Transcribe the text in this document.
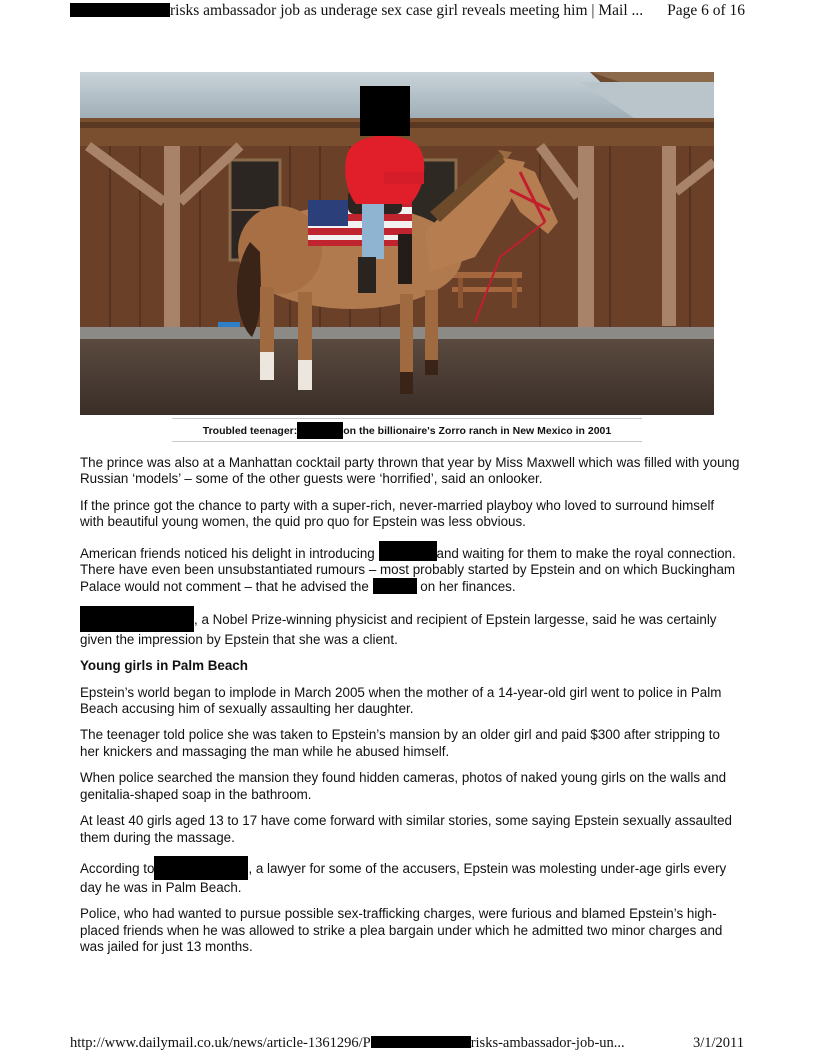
risks ambassador job as underage sex case girl reveals meeting him | Mail ... Page 6 of 16
Troubled teenager:	on the billionaire's Zorro ranch in New Mexico in 2001

The prince was also at a Manhattan cocktail party thrown that year by Miss Maxwell which was filled with young Russian ‘models’ – some of the other guests were ‘horrified’, said an onlooker.

If the prince got the chance to party with a super-rich, never-married playboy who loved to surround himself with beautiful young women, the quid pro quo for Epstein was less obvious.

American friends noticed his delight in introducing	and waiting for them to make the royal connection. There have even been unsubstantiated rumours – most probably started by Epstein and on which Buckingham Palace would not comment – that he advised the	on her finances.

, a Nobel Prize-winning physicist and recipient of Epstein largesse, said he was certainly given the impression by Epstein that she was a client.

Young girls in Palm Beach

Epstein’s world began to implode in March 2005 when the mother of a 14-year-old girl went to police in Palm Beach accusing him of sexually assaulting her daughter.

The teenager told police she was taken to Epstein’s mansion by an older girl and paid $300 after stripping to her knickers and massaging the man while he abused himself.

When police searched the mansion they found hidden cameras, photos of naked young girls on the walls and genitalia-shaped soap in the bathroom.

At least 40 girls aged 13 to 17 have come forward with similar stories, some saying Epstein sexually assaulted them during the massage.

According to	, a lawyer for some of the accusers, Epstein was molesting under-age girls every day he was in Palm Beach.

Police, who had wanted to pursue possible sex-trafficking charges, were furious and blamed Epstein’s high-placed friends when he was allowed to strike a plea bargain under which he admitted two minor charges and was jailed for just 13 months.

http://www.dailymail.co.uk/news/article-1361296/P	risks-ambassador-job-un...	3/1/2011
